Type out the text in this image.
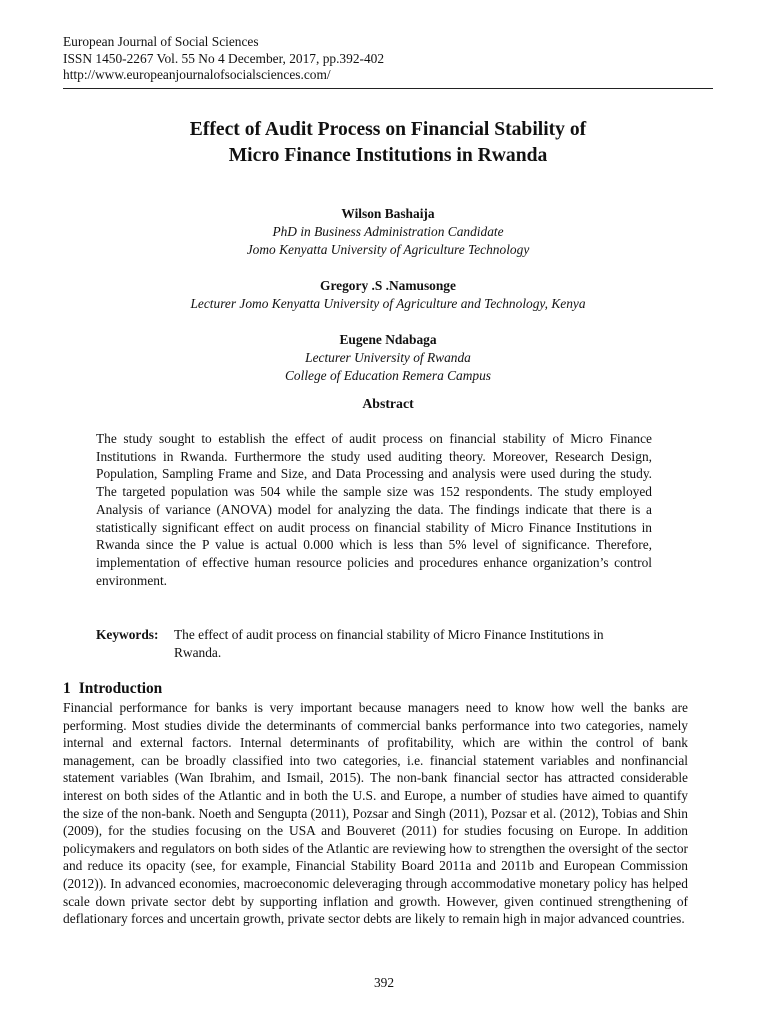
European Journal of Social Sciences
ISSN 1450-2267 Vol. 55 No 4 December, 2017, pp.392-402
http://www.europeanjournalofsocialsciences.com/
Effect of Audit Process on Financial Stability of
Micro Finance Institutions in Rwanda
Wilson Bashaija
PhD in Business Administration Candidate
Jomo Kenyatta University of Agriculture Technology
Gregory .S .Namusonge
Lecturer Jomo Kenyatta University of Agriculture and Technology, Kenya
Eugene Ndabaga
Lecturer University of Rwanda
College of Education Remera Campus
Abstract
The study sought to establish the effect of audit process on financial stability of Micro Finance Institutions in Rwanda. Furthermore the study used auditing theory. Moreover, Research Design, Population, Sampling Frame and Size, and Data Processing and analysis were used during the study. The targeted population was 504 while the sample size was 152 respondents. The study employed Analysis of variance (ANOVA) model for analyzing the data. The findings indicate that there is a statistically significant effect on audit process on financial stability of Micro Finance Institutions in Rwanda since the P value is actual 0.000 which is less than 5% level of significance. Therefore, implementation of effective human resource policies and procedures enhance organization’s control environment.
Keywords:	The effect of audit process on financial stability of Micro Finance Institutions in Rwanda.
1 Introduction
Financial performance for banks is very important because managers need to know how well the banks are performing. Most studies divide the determinants of commercial banks performance into two categories, namely internal and external factors. Internal determinants of profitability, which are within the control of bank management, can be broadly classified into two categories, i.e. financial statement variables and nonfinancial statement variables (Wan Ibrahim, and Ismail, 2015). The non-bank financial sector has attracted considerable interest on both sides of the Atlantic and in both the U.S. and Europe, a number of studies have aimed to quantify the size of the non-bank. Noeth and Sengupta (2011), Pozsar and Singh (2011), Pozsar et al. (2012), Tobias and Shin (2009), for the studies focusing on the USA and Bouveret (2011) for studies focusing on Europe. In addition policymakers and regulators on both sides of the Atlantic are reviewing how to strengthen the oversight of the sector and reduce its opacity (see, for example, Financial Stability Board 2011a and 2011b and European Commission (2012)). In advanced economies, macroeconomic deleveraging through accommodative monetary policy has helped scale down private sector debt by supporting inflation and growth. However, given continued strengthening of deflationary forces and uncertain growth, private sector debts are likely to remain high in major advanced countries.
392
